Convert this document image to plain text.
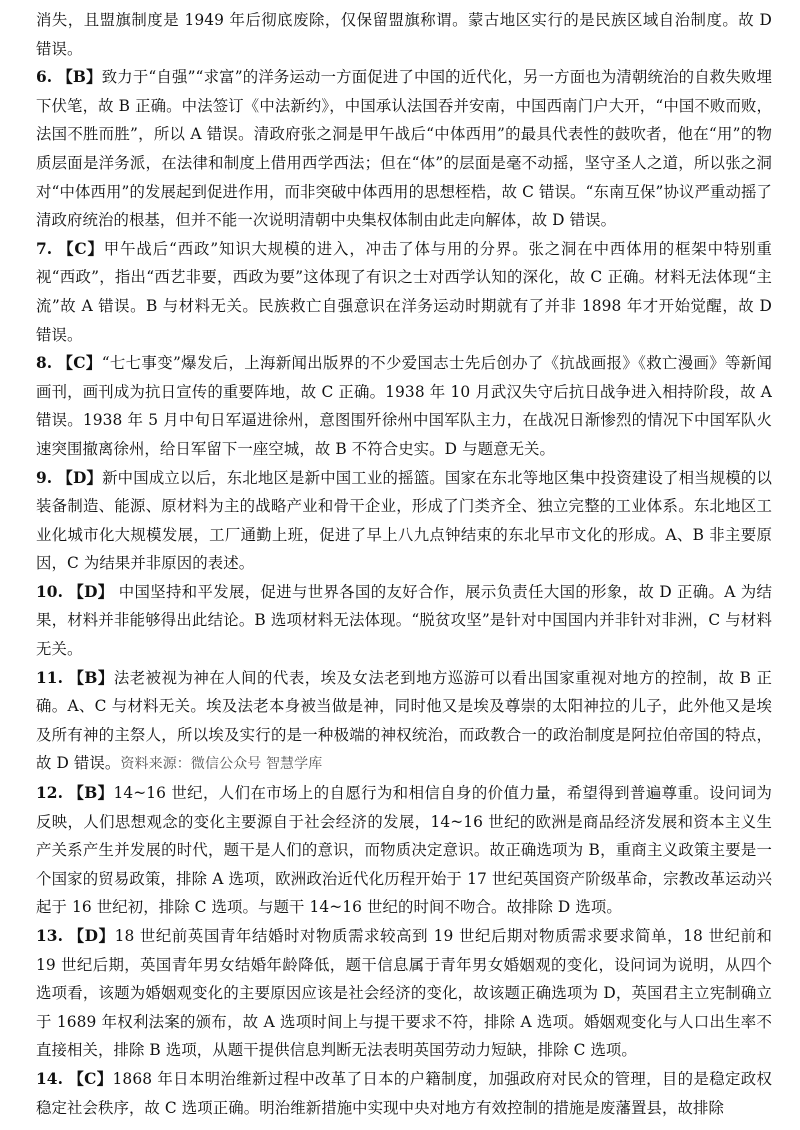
消失，且盟旗制度是 1949 年后彻底废除，仅保留盟旗称谓。蒙古地区实行的是民族区域自治制度。故 D 错误。

6. 【B】致力于“自强”“求富”的洋务运动一方面促进了中国的近代化，另一方面也为清朝统治的自救失败埋下伏笔，故 B 正确。中法签订《中法新约》，中国承认法国吞并安南，中国西南门户大开，“中国不败而败，法国不胜而胜”，所以 A 错误。清政府张之洞是甲午战后“中体西用”的最具代表性的鼓吹者，他在“用”的物质层面是洋务派，在法律和制度上借用西学西法；但在“体”的层面是毫不动摇，坚守圣人之道，所以张之洞对“中体西用”的发展起到促进作用，而非突破中体西用的思想桎梏，故 C 错误。“东南互保”协议严重动摇了清政府统治的根基，但并不能一次说明清朝中央集权体制由此走向解体，故 D 错误。

7. 【C】甲午战后“西政”知识大规模的进入，冲击了体与用的分界。张之洞在中西体用的框架中特别重视“西政”，指出“西艺非要，西政为要”这体现了有识之士对西学认知的深化，故 C 正确。材料无法体现“主流”故 A 错误。B 与材料无关。民族救亡自强意识在洋务运动时期就有了并非 1898 年才开始觉醒，故 D 错误。

8. 【C】“七七事变”爆发后，上海新闻出版界的不少爱国志士先后创办了《抗战画报》《救亡漫画》等新闻画刊，画刊成为抗日宣传的重要阵地，故 C 正确。1938 年 10 月武汉失守后抗日战争进入相持阶段，故 A 错误。1938 年 5 月中旬日军逼进徐州，意图围歼徐州中国军队主力，在战况日渐惨烈的情况下中国军队火速突围撤离徐州，给日军留下一座空城，故 B 不符合史实。D 与题意无关。

9. 【D】新中国成立以后，东北地区是新中国工业的摇篮。国家在东北等地区集中投资建设了相当规模的以装备制造、能源、原材料为主的战略产业和骨干企业，形成了门类齐全、独立完整的工业体系。东北地区工业化城市化大规模发展，工厂通勤上班，促进了早上八九点钟结束的东北早市文化的形成。A、B 非主要原因，C 为结果并非原因的表述。

10. 【D】 中国坚持和平发展，促进与世界各国的友好合作，展示负责任大国的形象，故 D 正确。A 为结果，材料并非能够得出此结论。B 选项材料无法体现。“脱贫攻坚”是针对中国国内并非针对非洲，C 与材料无关。

11. 【B】法老被视为神在人间的代表，埃及女法老到地方巡游可以看出国家重视对地方的控制，故 B 正确。A、C 与材料无关。埃及法老本身被当做是神，同时他又是埃及尊崇的太阳神拉的儿子，此外他又是埃及所有神的主祭人，所以埃及实行的是一种极端的神权统治，而政教合一的政治制度是阿拉伯帝国的特点，故 D 错误。资料来源：微信公众号 智慧学库

12. 【B】14~16 世纪，人们在市场上的自愿行为和相信自身的价值力量，希望得到普遍尊重。设问词为反映，人们思想观念的变化主要源自于社会经济的发展，14~16 世纪的欧洲是商品经济发展和资本主义生产关系产生并发展的时代，题干是人们的意识，而物质决定意识。故正确选项为 B，重商主义政策主要是一个国家的贸易政策，排除 A 选项，欧洲政治近代化历程开始于 17 世纪英国资产阶级革命，宗教改革运动兴起于 16 世纪初，排除 C 选项。与题干 14~16 世纪的时间不吻合。故排除 D 选项。

13. 【D】18 世纪前英国青年结婚时对物质需求较高到 19 世纪后期对物质需求要求简单，18 世纪前和 19 世纪后期，英国青年男女结婚年龄降低，题干信息属于青年男女婚姻观的变化，设问词为说明，从四个选项看，该题为婚姻观变化的主要原因应该是社会经济的变化，故该题正确选项为 D，英国君主立宪制确立于 1689 年权利法案的颁布，故 A 选项时间上与提干要求不符，排除 A 选项。婚姻观变化与人口出生率不直接相关，排除 B 选项，从题干提供信息判断无法表明英国劳动力短缺，排除 C 选项。

14. 【C】1868 年日本明治维新过程中改革了日本的户籍制度，加强政府对民众的管理，目的是稳定政权稳定社会秩序，故 C 选项正确。明治维新措施中实现中央对地方有效控制的措施是废藩置县，故排除
